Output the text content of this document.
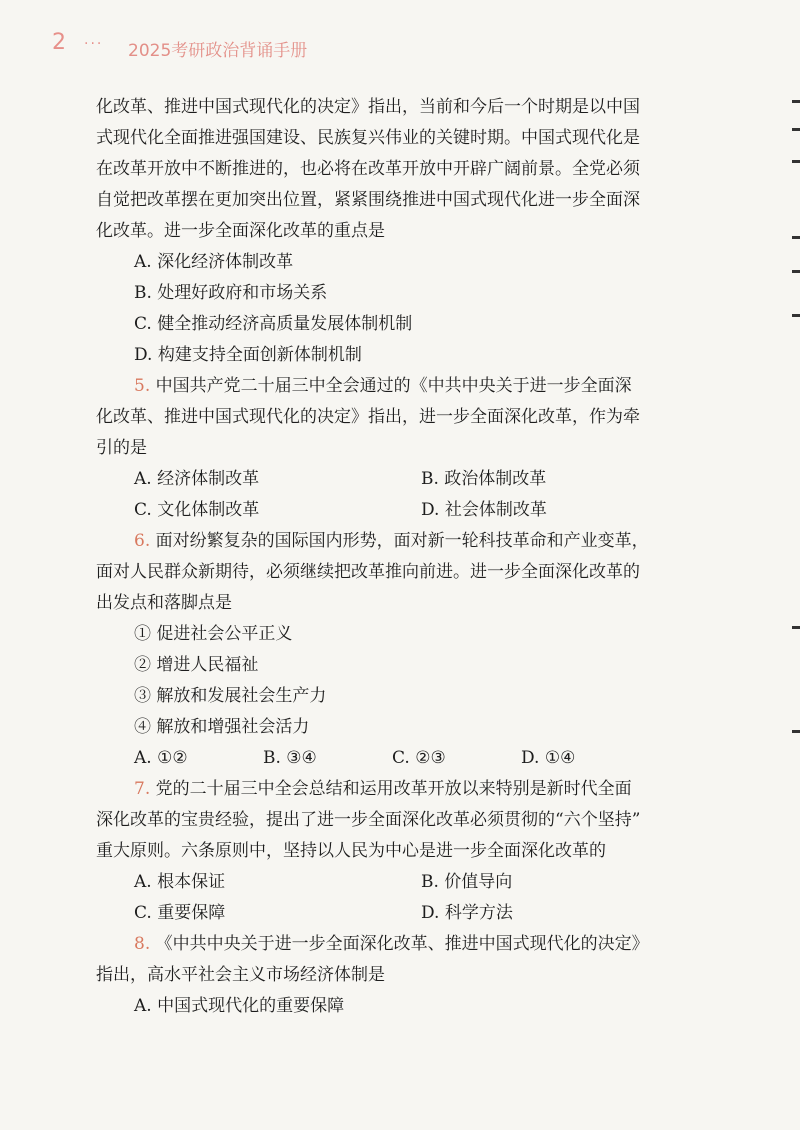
2 ··· 2025考研政治背诵手册

化改革、推进中国式现代化的决定》指出，当前和今后一个时期是以中国

式现代化全面推进强国建设、民族复兴伟业的关键时期。中国式现代化是

在改革开放中不断推进的，也必将在改革开放中开辟广阔前景。全党必须

自觉把改革摆在更加突出位置，紧紧围绕推进中国式现代化进一步全面深

化改革。进一步全面深化改革的重点是

A. 深化经济体制改革

B. 处理好政府和市场关系

C. 健全推动经济高质量发展体制机制

D. 构建支持全面创新体制机制

5. 中国共产党二十届三中全会通过的《中共中央关于进一步全面深

化改革、推进中国式现代化的决定》指出，进一步全面深化改革，作为牵

引的是

A. 经济体制改革	B. 政治体制改革
C. 文化体制改革	D. 社会体制改革

6. 面对纷繁复杂的国际国内形势，面对新一轮科技革命和产业变革，

面对人民群众新期待，必须继续把改革推向前进。进一步全面深化改革的

出发点和落脚点是

① 促进社会公平正义

② 增进人民福祉

③ 解放和发展社会生产力

④ 解放和增强社会活力

A. ①②	B. ③④	C. ②③	D. ①④

7. 党的二十届三中全会总结和运用改革开放以来特别是新时代全面

深化改革的宝贵经验，提出了进一步全面深化改革必须贯彻的“六个坚持”

重大原则。六条原则中，坚持以人民为中心是进一步全面深化改革的

A. 根本保证	B. 价值导向
C. 重要保障	D. 科学方法

8. 《中共中央关于进一步全面深化改革、推进中国式现代化的决定》

指出，高水平社会主义市场经济体制是

A. 中国式现代化的重要保障
